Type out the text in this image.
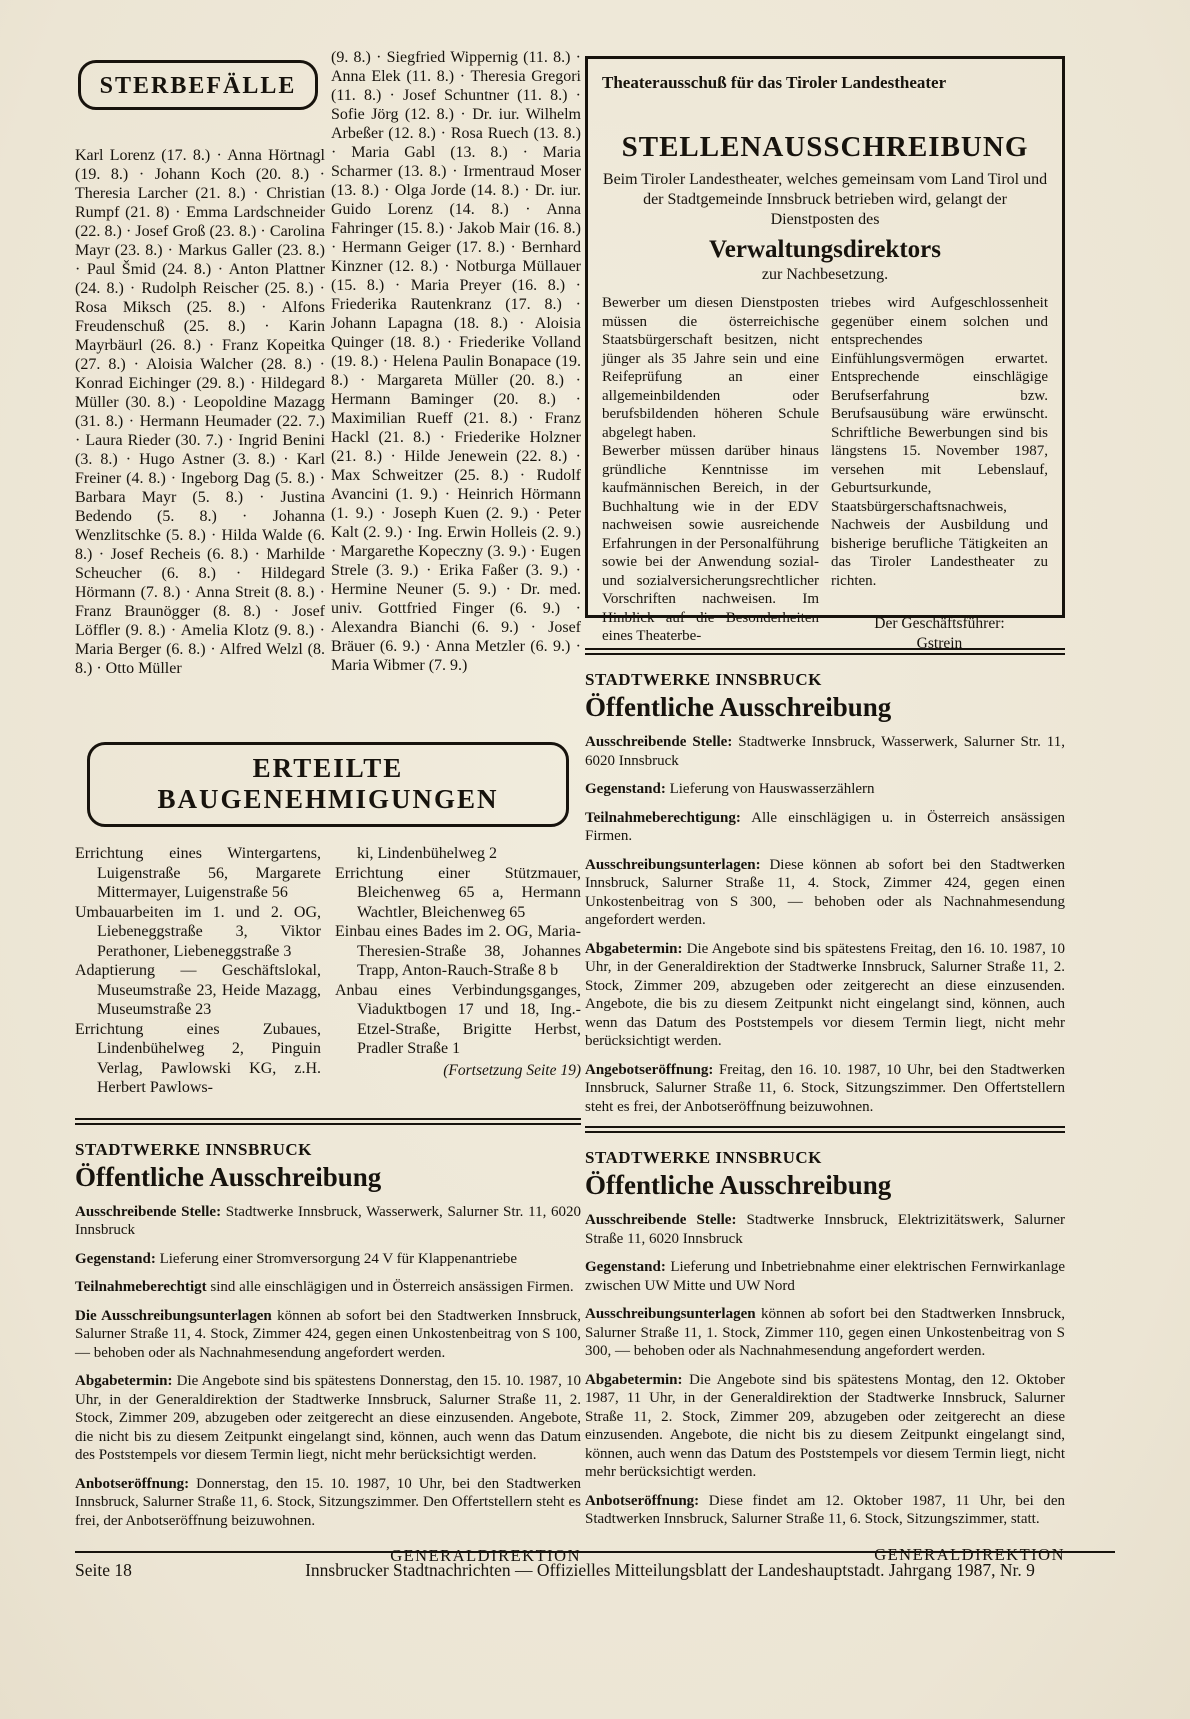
STERBEFÄLLE
Karl Lorenz (17. 8.) · Anna Hörtnagl (19. 8.) · Johann Koch (20. 8.) · Theresia Larcher (21. 8.) · Christian Rumpf (21. 8) · Emma Lardschneider (22. 8.) · Josef Groß (23. 8.) · Carolina Mayr (23. 8.) · Markus Galler (23. 8.) · Paul Šmid (24. 8.) · Anton Plattner (24. 8.) · Rudolph Reischer (25. 8.) · Rosa Miksch (25. 8.) · Alfons Freudenschuß (25. 8.) · Karin Mayrbäurl (26. 8.) · Franz Kopeitka (27. 8.) · Aloisia Walcher (28. 8.) · Konrad Eichinger (29. 8.) · Hildegard Müller (30. 8.) · Leopoldine Mazagg (31. 8.) · Hermann Heumader (22. 7.) · Laura Rieder (30. 7.) · Ingrid Benini (3. 8.) · Hugo Astner (3. 8.) · Karl Freiner (4. 8.) · Ingeborg Dag (5. 8.) · Barbara Mayr (5. 8.) · Justina Bedendo (5. 8.) · Johanna Wenzlitschke (5. 8.) · Hilda Walde (6. 8.) · Josef Recheis (6. 8.) · Marhilde Scheucher (6. 8.) · Hildegard Hörmann (7. 8.) · Anna Streit (8. 8.) · Franz Braunögger (8. 8.) · Josef Löffler (9. 8.) · Amelia Klotz (9. 8.) · Maria Berger (6. 8.) · Alfred Welzl (8. 8.) · Otto Müller
(9. 8.) · Siegfried Wippernig (11. 8.) · Anna Elek (11. 8.) · Theresia Gregori (11. 8.) · Josef Schuntner (11. 8.) · Sofie Jörg (12. 8.) · Dr. iur. Wilhelm Arbeßer (12. 8.) · Rosa Ruech (13. 8.) · Maria Gabl (13. 8.) · Maria Scharmer (13. 8.) · Irmentraud Moser (13. 8.) · Olga Jorde (14. 8.) · Dr. iur. Guido Lorenz (14. 8.) · Anna Fahringer (15. 8.) · Jakob Mair (16. 8.) · Hermann Geiger (17. 8.) · Bernhard Kinzner (12. 8.) · Notburga Müllauer (15. 8.) · Maria Preyer (16. 8.) · Friederika Rautenkranz (17. 8.) · Johann Lapagna (18. 8.) · Aloisia Quinger (18. 8.) · Friederike Volland (19. 8.) · Helena Paulin Bonapace (19. 8.) · Margareta Müller (20. 8.) · Hermann Baminger (20. 8.) · Maximilian Rueff (21. 8.) · Franz Hackl (21. 8.) · Friederike Holzner (21. 8.) · Hilde Jenewein (22. 8.) · Max Schweitzer (25. 8.) · Rudolf Avancini (1. 9.) · Heinrich Hörmann (1. 9.) · Joseph Kuen (2. 9.) · Peter Kalt (2. 9.) · Ing. Erwin Holleis (2. 9.) · Margarethe Kopeczny (3. 9.) · Eugen Strele (3. 9.) · Erika Faßer (3. 9.) · Hermine Neuner (5. 9.) · Dr. med. univ. Gottfried Finger (6. 9.) · Alexandra Bianchi (6. 9.) · Josef Bräuer (6. 9.) · Anna Metzler (6. 9.) · Maria Wibmer (7. 9.)
Theaterausschuß für das Tiroler Landestheater
STELLENAUSSCHREIBUNG
Beim Tiroler Landestheater, welches gemeinsam vom Land Tirol und der Stadtgemeinde Innsbruck betrieben wird, gelangt der Dienstposten des
Verwaltungsdirektors
zur Nachbesetzung.
Bewerber um diesen Dienstposten müssen die österreichische Staatsbürgerschaft besitzen, nicht jünger als 35 Jahre sein und eine Reifeprüfung an einer allgemeinbildenden oder berufsbildenden höheren Schule abgelegt haben.
Bewerber müssen darüber hinaus gründliche Kenntnisse im kaufmännischen Bereich, in der Buchhaltung wie in der EDV nachweisen sowie ausreichende Erfahrungen in der Personalführung sowie bei der Anwendung sozial- und sozialversicherungsrechtlicher Vorschriften nachweisen. Im Hinblick auf die Besonderheiten eines Theaterbe-
triebes wird Aufgeschlossenheit gegenüber einem solchen und entsprechendes Einfühlungsvermögen erwartet. Entsprechende einschlägige Berufserfahrung bzw. Berufsausübung wäre erwünscht. Schriftliche Bewerbungen sind bis längstens 15. November 1987, versehen mit Lebenslauf, Geburtsurkunde, Staatsbürgerschaftsnachweis, Nachweis der Ausbildung und bisherige berufliche Tätigkeiten an das Tiroler Landestheater zu richten.
Der Geschäftsführer:
Gstrein
STADTWERKE INNSBRUCK
Öffentliche Ausschreibung

Ausschreibende Stelle: Stadtwerke Innsbruck, Wasserwerk, Salurner Str. 11, 6020 Innsbruck

Gegenstand: Lieferung von Hauswasserzählern

Teilnahmeberechtigung: Alle einschlägigen u. in Österreich ansässigen Firmen.

Ausschreibungsunterlagen: Diese können ab sofort bei den Stadtwerken Innsbruck, Salurner Straße 11, 4. Stock, Zimmer 424, gegen einen Unkostenbeitrag von S 300, — behoben oder als Nachnahmesendung angefordert werden.

Abgabetermin: Die Angebote sind bis spätestens Freitag, den 16. 10. 1987, 10 Uhr, in der Generaldirektion der Stadtwerke Innsbruck, Salurner Straße 11, 2. Stock, Zimmer 209, abzugeben oder zeitgerecht an diese einzusenden. Angebote, die bis zu diesem Zeitpunkt nicht eingelangt sind, können, auch wenn das Datum des Poststempels vor diesem Termin liegt, nicht mehr berücksichtigt werden.

Angebotseröffnung: Freitag, den 16. 10. 1987, 10 Uhr, bei den Stadtwerken Innsbruck, Salurner Straße 11, 6. Stock, Sitzungszimmer. Den Offertstellern steht es frei, der Anbotseröffnung beizuwohnen.

STADTWERKE INNSBRUCK
Öffentliche Ausschreibung

Ausschreibende Stelle: Stadtwerke Innsbruck, Elektrizitätswerk, Salurner Straße 11, 6020 Innsbruck

Gegenstand: Lieferung und Inbetriebnahme einer elektrischen Fernwirkanlage zwischen UW Mitte und UW Nord

Ausschreibungsunterlagen können ab sofort bei den Stadtwerken Innsbruck, Salurner Straße 11, 1. Stock, Zimmer 110, gegen einen Unkostenbeitrag von S 300, — behoben oder als Nachnahmesendung angefordert werden.

Abgabetermin: Die Angebote sind bis spätestens Montag, den 12. Oktober 1987, 11 Uhr, in der Generaldirektion der Stadtwerke Innsbruck, Salurner Straße 11, 2. Stock, Zimmer 209, abzugeben oder zeitgerecht an diese einzusenden. Angebote, die nicht bis zu diesem Zeitpunkt eingelangt sind, können, auch wenn das Datum des Poststempels vor diesem Termin liegt, nicht mehr berücksichtigt werden.

Anbotseröffnung: Diese findet am 12. Oktober 1987, 11 Uhr, bei den Stadtwerken Innsbruck, Salurner Straße 11, 6. Stock, Sitzungszimmer, statt.

GENERALDIREKTION
ERTEILTE BAUGENEHMIGUNGEN
Errichtung eines Wintergartens, Luigenstraße 56, Margarete Mittermayer, Luigenstraße 56
Umbauarbeiten im 1. und 2. OG, Liebeneggstraße 3, Viktor Perathoner, Liebeneggstraße 3
Adaptierung — Geschäftslokal, Museumstraße 23, Heide Mazagg, Museumstraße 23
Errichtung eines Zubaues, Lindenbühelweg 2, Pinguin Verlag, Pawlowski KG, z.H. Herbert Pawlows-
ki, Lindenbühelweg 2
Errichtung einer Stützmauer, Bleichenweg 65 a, Hermann Wachtler, Bleichenweg 65
Einbau eines Bades im 2. OG, Maria-Theresien-Straße 38, Johannes Trapp, Anton-Rauch-Straße 8 b
Anbau eines Verbindungsganges, Viaduktbogen 17 und 18, Ing.-Etzel-Straße, Brigitte Herbst, Pradler Straße 1
(Fortsetzung Seite 19)
STADTWERKE INNSBRUCK
Öffentliche Ausschreibung

Ausschreibende Stelle: Stadtwerke Innsbruck, Wasserwerk, Salurner Str. 11, 6020 Innsbruck

Gegenstand: Lieferung einer Stromversorgung 24 V für Klappenantriebe

Teilnahmeberechtigt sind alle einschlägigen und in Österreich ansässigen Firmen.

Die Ausschreibungsunterlagen können ab sofort bei den Stadtwerken Innsbruck, Salurner Straße 11, 4. Stock, Zimmer 424, gegen einen Unkostenbeitrag von S 100,— behoben oder als Nachnahmesendung angefordert werden.

Abgabetermin: Die Angebote sind bis spätestens Donnerstag, den 15. 10. 1987, 10 Uhr, in der Generaldirektion der Stadtwerke Innsbruck, Salurner Straße 11, 2. Stock, Zimmer 209, abzugeben oder zeitgerecht an diese einzusenden. Angebote, die nicht bis zu diesem Zeitpunkt eingelangt sind, können, auch wenn das Datum des Poststempels vor diesem Termin liegt, nicht mehr berücksichtigt werden.

Anbotseröffnung: Donnerstag, den 15. 10. 1987, 10 Uhr, bei den Stadtwerken Innsbruck, Salurner Straße 11, 6. Stock, Sitzungszimmer. Den Offertstellern steht es frei, der Anbotseröffnung beizuwohnen.

GENERALDIREKTION
Seite 18	Innsbrucker Stadtnachrichten — Offizielles Mitteilungsblatt der Landeshauptstadt. Jahrgang 1987, Nr. 9
